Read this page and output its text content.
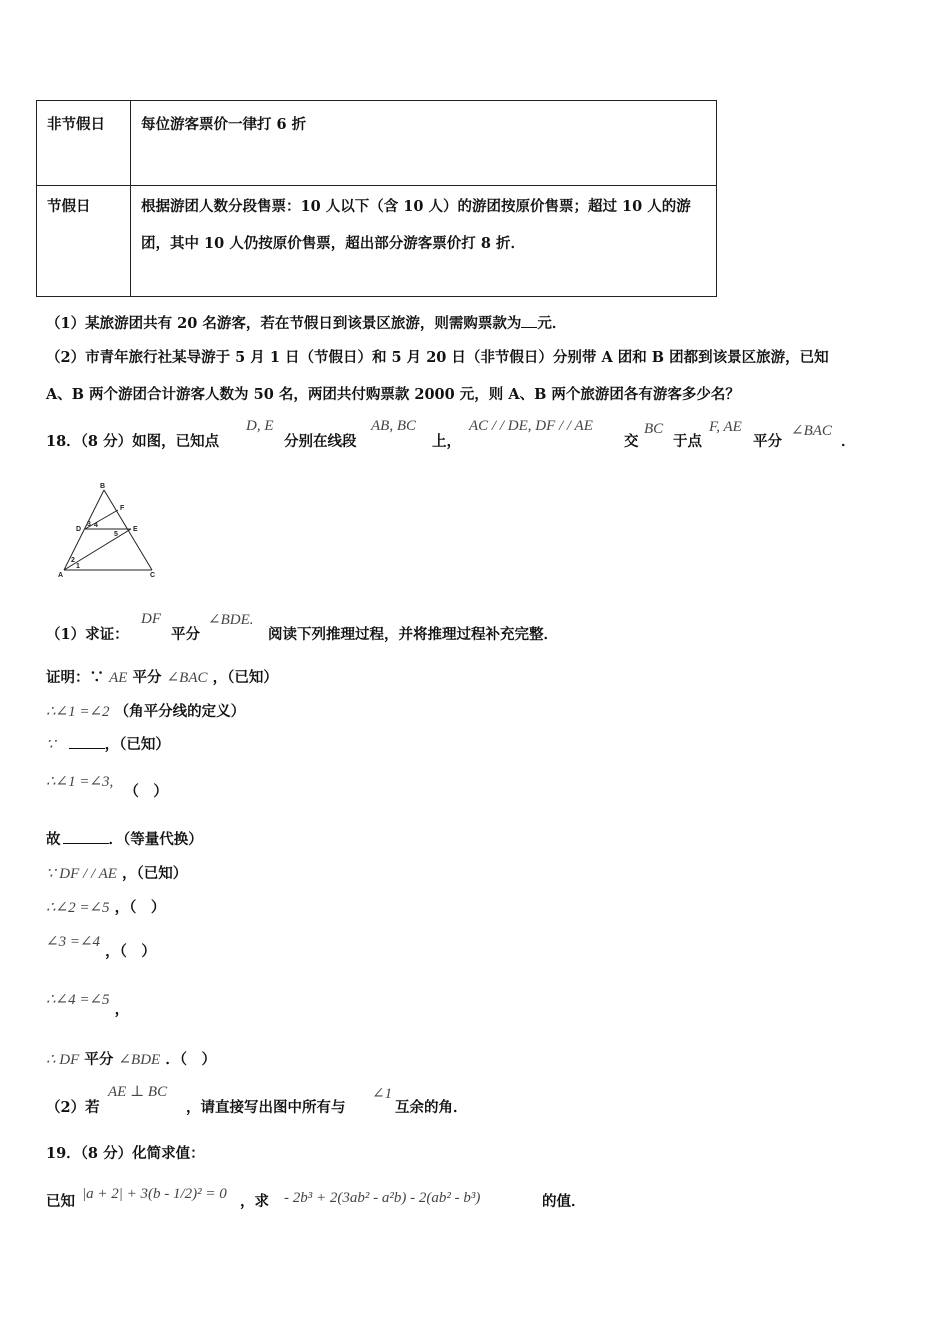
非节假日	每位游客票价一律打 6 折
节假日	根据游团人数分段售票：10 人以下（含 10 人）的游团按原价售票；超过 10 人的游团，其中 10 人仍按原价售票，超出部分游客票价打 8 折．
（1）某旅游团共有 20 名游客，若在节假日到该景区旅游，则需购票款为 元．
（2）市青年旅行社某导游于 5 月 1 日（节假日）和 5 月 20 日（非节假日）分别带 A 团和 B 团都到该景区旅游，已知
A、B 两个游团合计游客人数为 50 名，两团共付购票款 2000 元，则 A、B 两个旅游团各有游客多少名？
18．（8 分）如图，已知点
D, E
分别在线段
AB, BC
上，
AC / / DE, DF / / AE
交
BC
于点
F, AE
平分
∠BAC
．
B
F
D	E
A	C
3 4
5
2
1
（1）求证：
DF
平分
∠BDE.
阅读下列推理过程，并将推理过程补充完整．
证明：∵ AE 平分 ∠BAC ，（已知）
∴∠1 =∠2 （角平分线的定义）
∵	，（已知）
∴∠1 =∠3, （　）
故	．（等量代换）
∵ DF / / AE ，（已知）
∴∠2 =∠5 ，（　）
∠3 =∠4 ，（　）
∴∠4 =∠5 ，
∴ DF 平分 ∠BDE ．（　）
（2）若
AE ⊥ BC
，请直接写出图中所有与
∠1
互余的角．
19．（8 分）化简求值：
已知 |a + 2| + 3(b - 1/2)² = 0 ，求 - 2b³ + 2(3ab² - a²b) - 2(ab² - b³)	的值．
